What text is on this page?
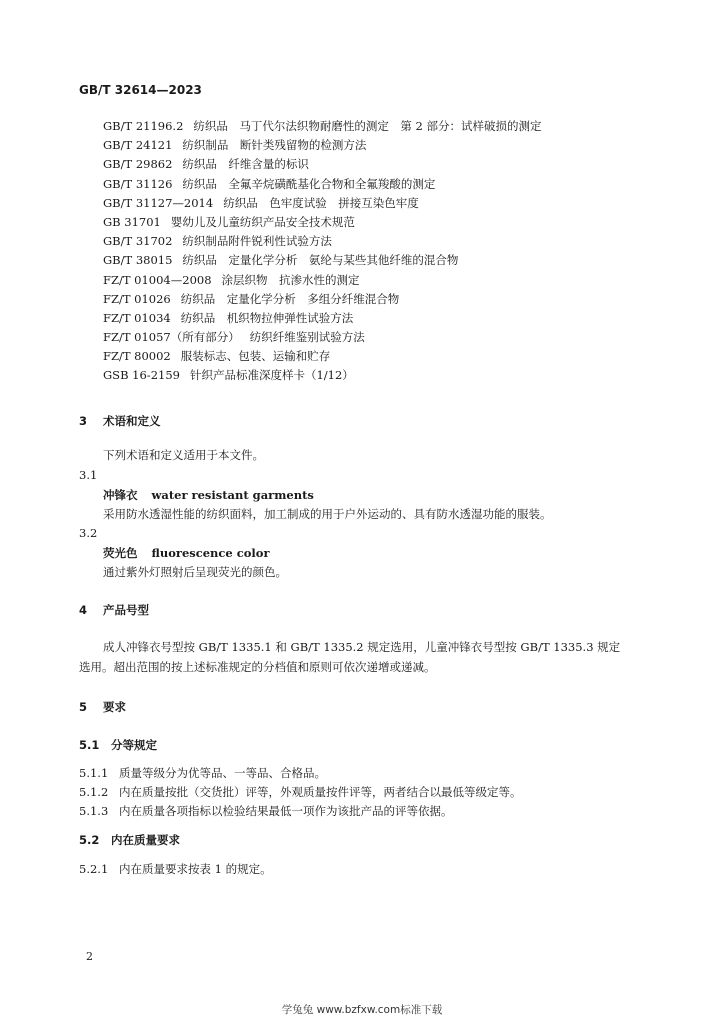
GB/T 32614—2023
GB/T 21196.2 纺织品　马丁代尔法织物耐磨性的测定　第 2 部分：试样破损的测定
GB/T 24121 纺织制品　断针类残留物的检测方法
GB/T 29862 纺织品　纤维含量的标识
GB/T 31126 纺织品　全氟辛烷磺酰基化合物和全氟羧酸的测定
GB/T 31127—2014 纺织品　色牢度试验　拼接互染色牢度
GB 31701 婴幼儿及儿童纺织产品安全技术规范
GB/T 31702 纺织制品附件锐利性试验方法
GB/T 38015 纺织品　定量化学分析　氨纶与某些其他纤维的混合物
FZ/T 01004—2008 涂层织物　抗渗水性的测定
FZ/T 01026 纺织品　定量化学分析　多组分纤维混合物
FZ/T 01034 纺织品　机织物拉伸弹性试验方法
FZ/T 01057（所有部分） 纺织纤维鉴别试验方法
FZ/T 80002 服装标志、包装、运输和贮存
GSB 16-2159 针织产品标准深度样卡（1/12）
3 术语和定义
下列术语和定义适用于本文件。
3.1
冲锋衣 water resistant garments
采用防水透湿性能的纺织面料，加工制成的用于户外运动的、具有防水透湿功能的服装。
3.2
荧光色 fluorescence color
通过紫外灯照射后呈现荧光的颜色。
4 产品号型
成人冲锋衣号型按 GB/T 1335.1 和 GB/T 1335.2 规定选用，儿童冲锋衣号型按 GB/T 1335.3 规定
选用。超出范围的按上述标准规定的分档值和原则可依次递增或递减。
5 要求
5.1 分等规定
5.1.1 质量等级分为优等品、一等品、合格品。
5.1.2 内在质量按批（交货批）评等，外观质量按件评等，两者结合以最低等级定等。
5.1.3 内在质量各项指标以检验结果最低一项作为该批产品的评等依据。
5.2 内在质量要求
5.2.1 内在质量要求按表 1 的规定。
2
学兔兔 www.bzfxw.com标准下载
